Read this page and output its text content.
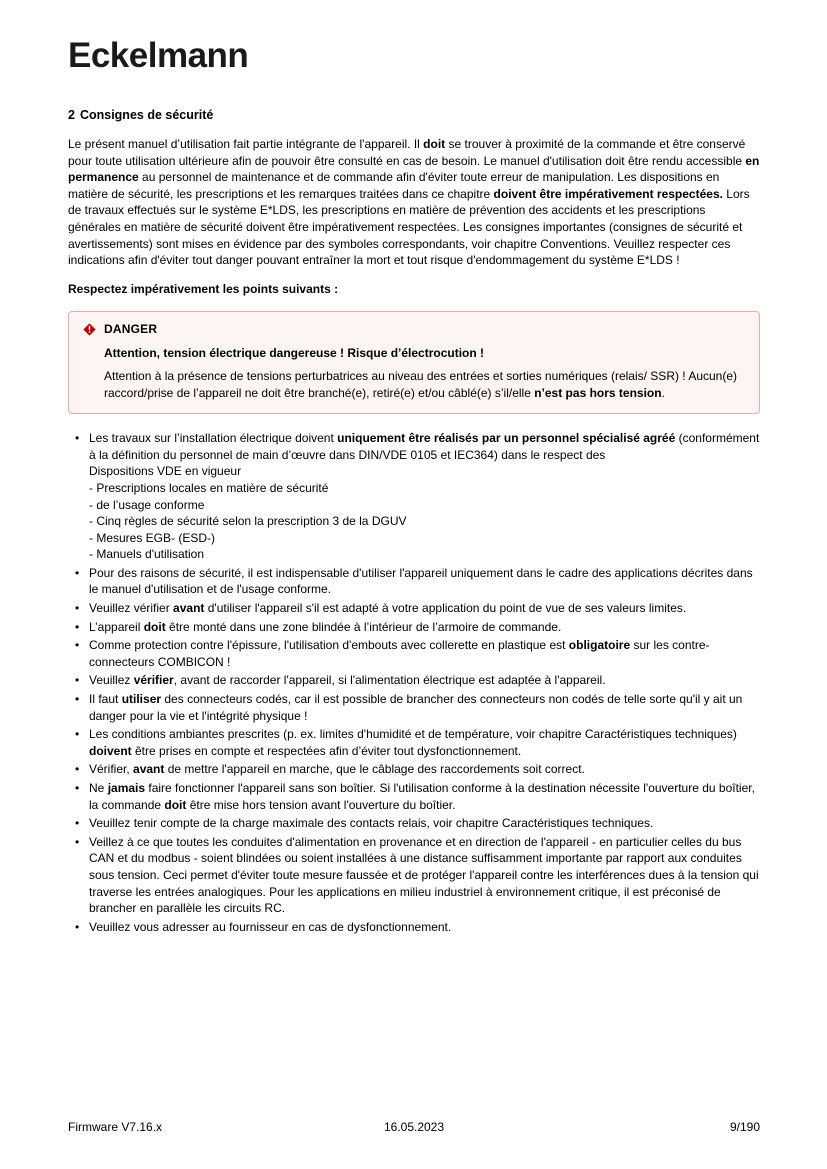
Eckelmann
2 Consignes de sécurité

Le présent manuel d’utilisation fait partie intégrante de l'appareil. Il doit se trouver à proximité de la commande et être conservé pour toute utilisation ultérieure afin de pouvoir être consulté en cas de besoin. Le manuel d'utilisation doit être rendu accessible en permanence au personnel de maintenance et de commande afin d'éviter toute erreur de manipulation. Les dispositions en matière de sécurité, les prescriptions et les remarques traitées dans ce chapitre doivent être impérativement respectées. Lors de travaux effectués sur le système E*LDS, les prescriptions en matière de prévention des accidents et les prescriptions générales en matière de sécurité doivent être impérativement respectées. Les consignes importantes (consignes de sécurité et avertissements) sont mises en évidence par des symboles correspondants, voir chapitre Conventions. Veuillez respecter ces indications afin d'éviter tout danger pouvant entraîner la mort et tout risque d'endommagement du système E*LDS !

Respectez impérativement les points suivants :

DANGER

Attention, tension électrique dangereuse ! Risque d’électrocution !

Attention à la présence de tensions perturbatrices au niveau des entrées et sorties numériques (relais/ SSR) ! Aucun(e) raccord/prise de l’appareil ne doit être branché(e), retiré(e) et/ou câblé(e) s’il/elle n’est pas hors tension.

• Les travaux sur l’installation électrique doivent uniquement être réalisés par un personnel spécialisé agréé (conformément à la définition du personnel de main d’œuvre dans DIN/VDE 0105 et IEC364) dans le respect des
Dispositions VDE en vigueur
- Prescriptions locales en matière de sécurité
- de l’usage conforme
- Cinq règles de sécurité selon la prescription 3 de la DGUV
- Mesures EGB- (ESD-)
- Manuels d'utilisation
• Pour des raisons de sécurité, il est indispensable d'utiliser l'appareil uniquement dans le cadre des applications décrites dans le manuel d'utilisation et de l'usage conforme.
• Veuillez vérifier avant d'utiliser l'appareil s'il est adapté à votre application du point de vue de ses valeurs limites.
• L’appareil doit être monté dans une zone blindée à l’intérieur de l’armoire de commande.
• Comme protection contre l'épissure, l'utilisation d'embouts avec collerette en plastique est obligatoire sur les contre-connecteurs COMBICON !
• Veuillez vérifier, avant de raccorder l'appareil, si l'alimentation électrique est adaptée à l'appareil.
• Il faut utiliser des connecteurs codés, car il est possible de brancher des connecteurs non codés de telle sorte qu'il y ait un danger pour la vie et l'intégrité physique !
• Les conditions ambiantes prescrites (p. ex. limites d'humidité et de température, voir chapitre Caractéristiques techniques) doivent être prises en compte et respectées afin d’éviter tout dysfonctionnement.
• Vérifier, avant de mettre l'appareil en marche, que le câblage des raccordements soit correct.
• Ne jamais faire fonctionner l'appareil sans son boîtier. Si l'utilisation conforme à la destination nécessite l'ouverture du boîtier, la commande doit être mise hors tension avant l'ouverture du boîtier.
• Veuillez tenir compte de la charge maximale des contacts relais, voir chapitre Caractéristiques techniques.
• Veillez à ce que toutes les conduites d'alimentation en provenance et en direction de l'appareil - en particulier celles du bus CAN et du modbus - soient blindées ou soient installées à une distance suffisamment importante par rapport aux conduites sous tension. Ceci permet d'éviter toute mesure faussée et de protéger l'appareil contre les interférences dues à la tension qui traverse les entrées analogiques. Pour les applications en milieu industriel à environnement critique, il est préconisé de brancher en parallèle les circuits RC.
• Veuillez vous adresser au fournisseur en cas de dysfonctionnement.
Firmware V7.16.x	16.05.2023	9/190
